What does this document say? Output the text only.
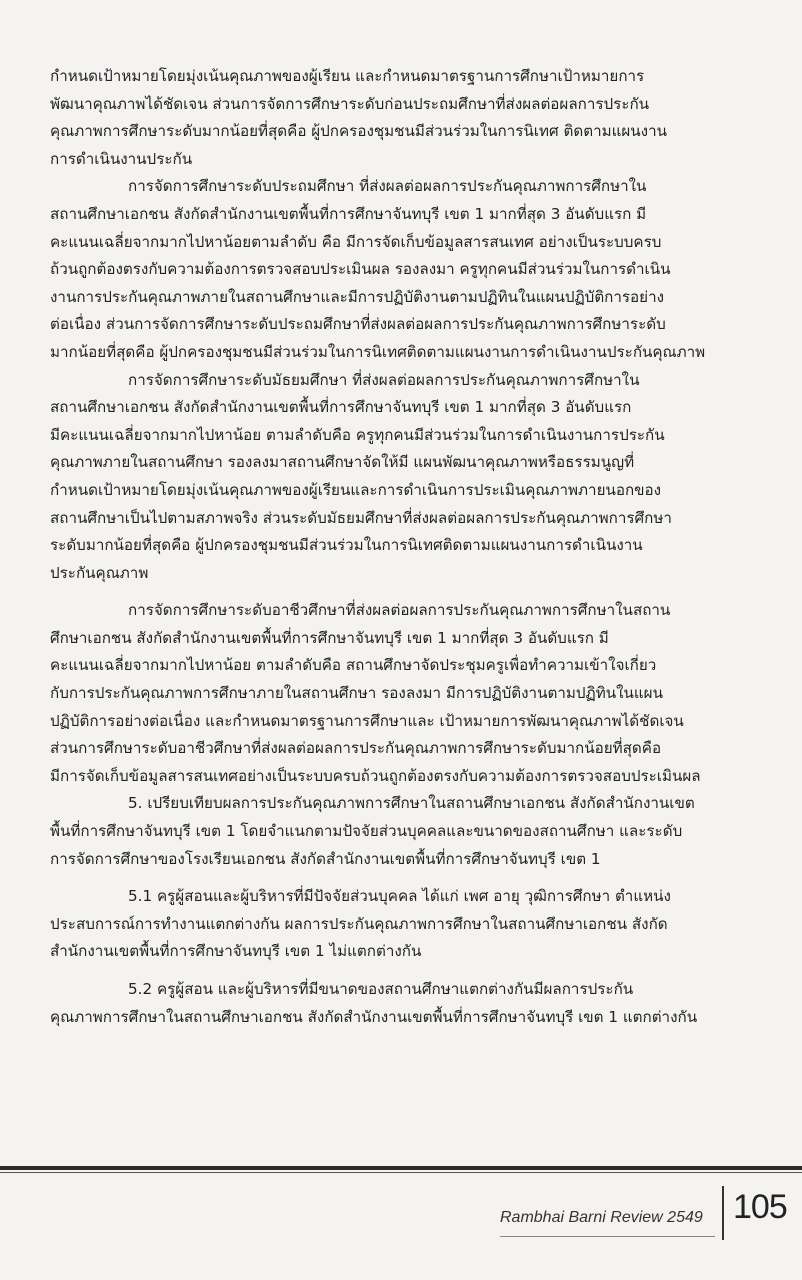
กำหนดเป้าหมายโดยมุ่งเน้นคุณภาพของผู้เรียน และกำหนดมาตรฐานการศึกษาเป้าหมายการ
พัฒนาคุณภาพได้ชัดเจน ส่วนการจัดการศึกษาระดับก่อนประถมศึกษาที่ส่งผลต่อผลการประกัน
คุณภาพการศึกษาระดับมากน้อยที่สุดคือ ผู้ปกครองชุมชนมีส่วนร่วมในการนิเทศ ติดตามแผนงาน
การดำเนินงานประกัน
การจัดการศึกษาระดับประถมศึกษา ที่ส่งผลต่อผลการประกันคุณภาพการศึกษาใน
สถานศึกษาเอกชน สังกัดสำนักงานเขตพื้นที่การศึกษาจันทบุรี เขต 1 มากที่สุด 3 อันดับแรก มี
คะแนนเฉลี่ยจากมากไปหาน้อยตามลำดับ คือ มีการจัดเก็บข้อมูลสารสนเทศ อย่างเป็นระบบครบ
ถ้วนถูกต้องตรงกับความต้องการตรวจสอบประเมินผล รองลงมา ครูทุกคนมีส่วนร่วมในการดำเนิน
งานการประกันคุณภาพภายในสถานศึกษาและมีการปฏิบัติงานตามปฏิทินในแผนปฏิบัติการอย่าง
ต่อเนื่อง ส่วนการจัดการศึกษาระดับประถมศึกษาที่ส่งผลต่อผลการประกันคุณภาพการศึกษาระดับ
มากน้อยที่สุดคือ ผู้ปกครองชุมชนมีส่วนร่วมในการนิเทศติดตามแผนงานการดำเนินงานประกันคุณภาพ
การจัดการศึกษาระดับมัธยมศึกษา ที่ส่งผลต่อผลการประกันคุณภาพการศึกษาใน
สถานศึกษาเอกชน สังกัดสำนักงานเขตพื้นที่การศึกษาจันทบุรี เขต 1 มากที่สุด 3 อันดับแรก
มีคะแนนเฉลี่ยจากมากไปหาน้อย ตามลำดับคือ ครูทุกคนมีส่วนร่วมในการดำเนินงานการประกัน
คุณภาพภายในสถานศึกษา รองลงมาสถานศึกษาจัดให้มี แผนพัฒนาคุณภาพหรือธรรมนูญที่
กำหนดเป้าหมายโดยมุ่งเน้นคุณภาพของผู้เรียนและการดำเนินการประเมินคุณภาพภายนอกของ
สถานศึกษาเป็นไปตามสภาพจริง ส่วนระดับมัธยมศึกษาที่ส่งผลต่อผลการประกันคุณภาพการศึกษา
ระดับมากน้อยที่สุดคือ ผู้ปกครองชุมชนมีส่วนร่วมในการนิเทศติดตามแผนงานการดำเนินงาน
ประกันคุณภาพ
การจัดการศึกษาระดับอาชีวศึกษาที่ส่งผลต่อผลการประกันคุณภาพการศึกษาในสถาน
ศึกษาเอกชน สังกัดสำนักงานเขตพื้นที่การศึกษาจันทบุรี เขต 1 มากที่สุด 3 อันดับแรก มี
คะแนนเฉลี่ยจากมากไปหาน้อย ตามลำดับคือ สถานศึกษาจัดประชุมครูเพื่อทำความเข้าใจเกี่ยว
กับการประกันคุณภาพการศึกษาภายในสถานศึกษา รองลงมา มีการปฏิบัติงานตามปฏิทินในแผน
ปฏิบัติการอย่างต่อเนื่อง และกำหนดมาตรฐานการศึกษาและ เป้าหมายการพัฒนาคุณภาพได้ชัดเจน
ส่วนการศึกษาระดับอาชีวศึกษาที่ส่งผลต่อผลการประกันคุณภาพการศึกษาระดับมากน้อยที่สุดคือ
มีการจัดเก็บข้อมูลสารสนเทศอย่างเป็นระบบครบถ้วนถูกต้องตรงกับความต้องการตรวจสอบประเมินผล
5. เปรียบเทียบผลการประกันคุณภาพการศึกษาในสถานศึกษาเอกชน สังกัดสำนักงานเขต
พื้นที่การศึกษาจันทบุรี เขต 1 โดยจำแนกตามปัจจัยส่วนบุคคลและขนาดของสถานศึกษา และระดับ
การจัดการศึกษาของโรงเรียนเอกชน สังกัดสำนักงานเขตพื้นที่การศึกษาจันทบุรี เขต 1
5.1 ครูผู้สอนและผู้บริหารที่มีปัจจัยส่วนบุคคล ได้แก่ เพศ อายุ วุฒิการศึกษา ตำแหน่ง
ประสบการณ์การทำงานแตกต่างกัน ผลการประกันคุณภาพการศึกษาในสถานศึกษาเอกชน สังกัด
สำนักงานเขตพื้นที่การศึกษาจันทบุรี เขต 1 ไม่แตกต่างกัน
5.2 ครูผู้สอน และผู้บริหารที่มีขนาดของสถานศึกษาแตกต่างกันมีผลการประกัน
คุณภาพการศึกษาในสถานศึกษาเอกชน สังกัดสำนักงานเขตพื้นที่การศึกษาจันทบุรี เขต 1 แตกต่างกัน
Rambhai Barni Review 2549 105
